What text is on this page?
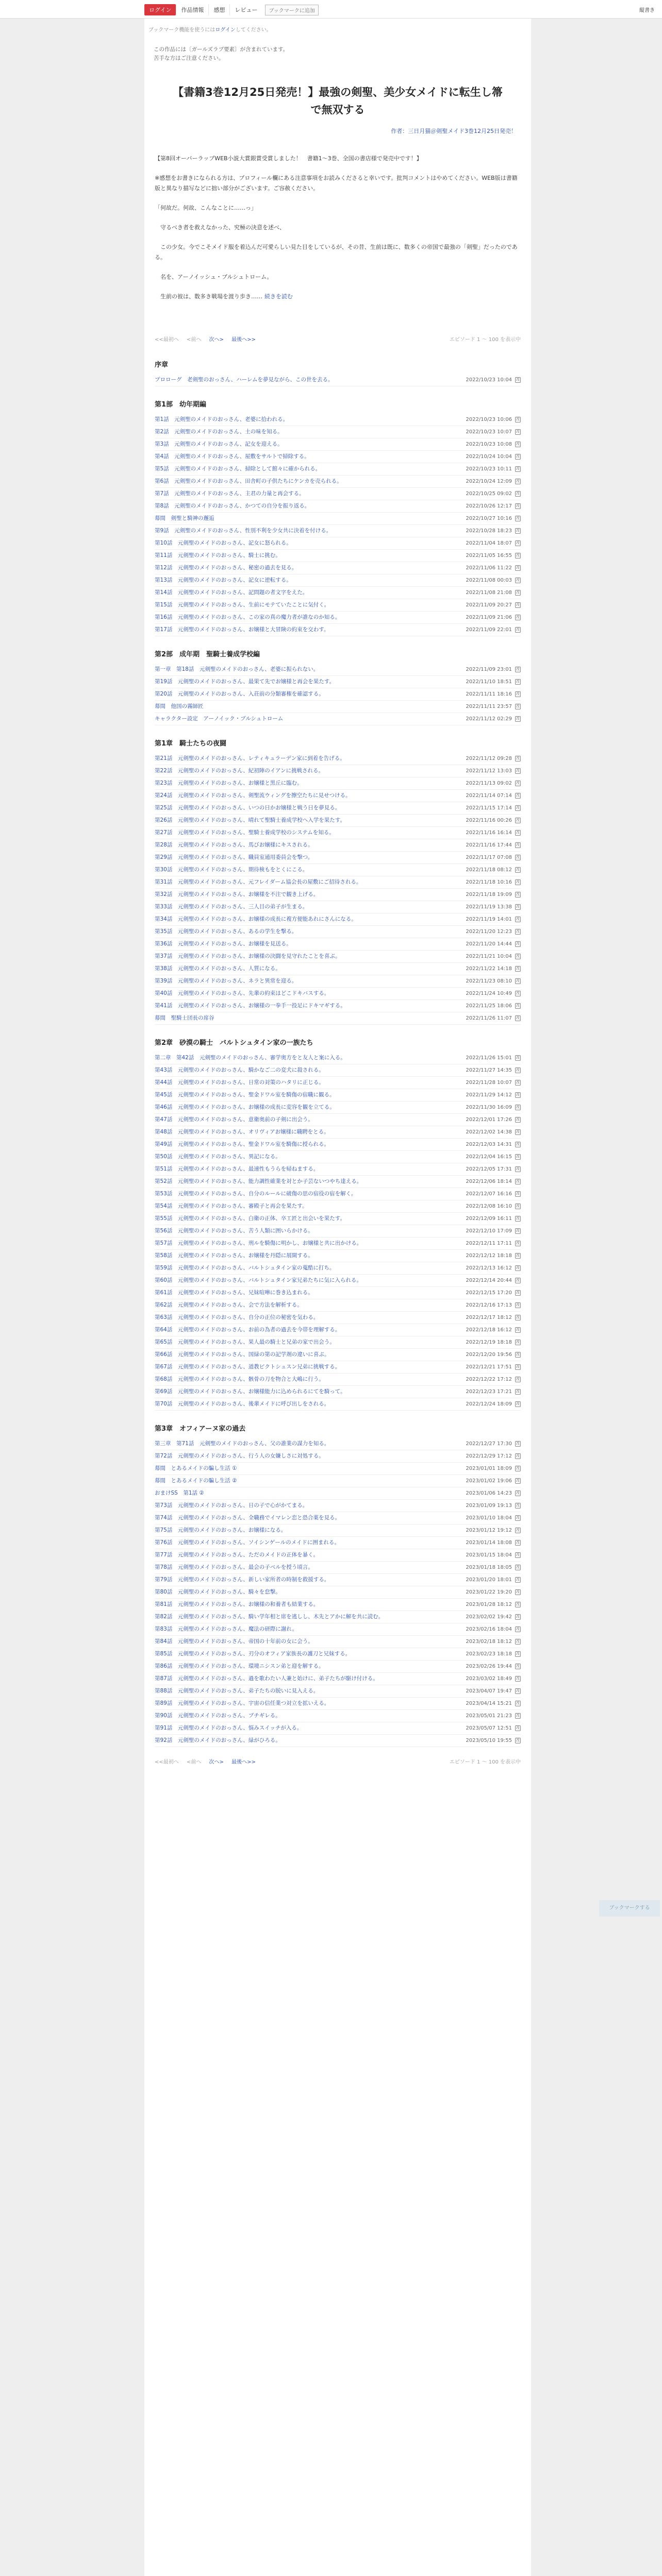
ログイン	作品情報	感想	レビュー	ブックマークに追加	縦書き
ブックマーク機能を使うにはログインしてください。
この作品には〔ガールズラブ要素〕が含まれています。
苦手な方はご注意ください。
【書籍3巻12月25日発売！】最強の剣聖、美少女メイドに転生し箒で無双する
作者：三日月猫＠剣聖メイド3巻12月25日発売！

【第8回オーバーラップWEB小説大賞銀賞受賞しました！　書籍1～3巻、全国の書店様で発売中です！】

※感想をお書きになられる方は、プロフィール欄にある注意事項をお読みくださると幸いです。批判コメントはやめてください。WEB版は書籍版と異なり描写などに拙い部分がございます。ご容赦ください。

「何故だ。何故、こんなことに……っ」

　守るべき者を救えなかった、究極の決意を述べ、

　この少女。今でこそメイド服を着込んだ可愛らしい見た目をしているが、その昔、生前は既に、数多くの帝国で最強の「剣聖」だったのである。

　名を、アーノイッシュ・ブルシュトローム。

　生前の彼は、数多き戦場を渡り歩き…… 続きを読む

<<最初へ <前へ 次へ> 最後へ>>	エピソード 1 ～ 100 を表示中
序章
プロローグ　老剣聖のおっさん、ハーレムを夢見ながら、この世を去る。	2022/10/23 10:04 改
第1部　幼年期編
第1話　元剣聖のメイドのおっさん、老婆に拾われる。	2022/10/23 10:06 改
第2話　元剣聖のメイドのおっさん、土の味を知る。	2022/10/23 10:07 改
第3話　元剣聖のメイドのおっさん、記女を迎える。	2022/10/23 10:08 改
第4話　元剣聖のメイドのおっさん、屋敷をサルトで掃除する。	2022/10/24 10:04 改
第5話　元剣聖のメイドのおっさん、掃除として館々に確かられる。	2022/10/23 10:11 改
第6話　元剣聖のメイドのおっさん、田舎町の子供たちにケンカを売られる。	2022/10/24 12:09 改
第7話　元剣聖のメイドのおっさん、主君の力量と再会する。	2022/10/25 09:02 改
第8話　元剣聖のメイドのおっさん、かつての自分を振り返る。	2022/10/26 12:17 改
幕間　剣聖と騎神の邂逅	2022/10/27 10:16 改
第9話　元剣聖のメイドのおっさん、性別不利を少女共に決着を付ける。	2022/10/28 18:23 改
第10話　元剣聖のメイドのおっさん、記女に怒られる。	2022/11/04 18:07 改
第11話　元剣聖のメイドのおっさん、騎士に挑む。	2022/11/05 16:55 改
第12話　元剣聖のメイドのおっさん、秘密の過去を見る。	2022/11/06 11:22 改
第13話　元剣聖のメイドのおっさん、記女に逆転する。	2022/11/08 00:03 改
第14話　元剣聖のメイドのおっさん、記問題の者文字をえた。	2022/11/08 21:08 改
第15話　元剣聖のメイドのおっさん、生前にモテていたことに気付く。	2022/11/09 20:27 改
第16話　元剣聖のメイドのおっさん、この家の真の魔力者が誰なのか知る。	2022/11/09 21:06 改
第17話　元剣聖のメイドのおっさん、お嬢様と大冒険の約束を交わす。	2022/11/09 22:01 改
第2部　成年期　聖騎士養成学校編
第一章　第18話　元剣聖のメイドのおっさん、老婆に振られない。	2022/11/09 23:01 改
第19話　元剣聖のメイドのおっさん、最果て先でお嬢様と再会を果たす。	2022/11/10 18:51 改
第20話　元剣聖のメイドのおっさん、入荘前の分類審権を確認する。	2022/11/11 18:16 改
幕間　他国の霧師匠	2022/11/11 23:57 改
キャラクター設定　アーノイック・ブルシュトローム	2022/11/12 02:29 改
第1章　騎士たちの夜闘
第21話　元剣聖のメイドのおっさん、レティキュラーデン家に到着を告げる。	2022/11/12 09:28 改
第22話　元剣聖のメイドのおっさん、紀初陣のイアンに挑戦される。	2022/11/12 13:03 改
第23話　元剣聖のメイドのおっさん、お嬢様と黒丘に臨む。	2022/11/13 09:02 改
第24話　元剣聖のメイドのおっさん、剣聖流ウィングを擦空たちに見せつける。	2022/11/14 07:14 改
第25話　元剣聖のメイドのおっさん、いつの日かお嬢様と戦う日を夢見る。	2022/11/15 17:14 改
第26話　元剣聖のメイドのおっさん、晴れて聖騎士養成学校へ入学を果たす。	2022/11/16 00:26 改
第27話　元剣聖のメイドのおっさん、聖騎士養成学校のシステムを知る。	2022/11/16 16:14 改
第28話　元剣聖のメイドのおっさん、馬びお嬢様にキスされる。	2022/11/16 17:44 改
第29話　元剣聖のメイドのおっさん、職員室通用委員会を撃つ。	2022/11/17 07:08 改
第30話　元剣聖のメイドのおっさん、期待検もをとくにこる。	2022/11/18 08:12 改
第31話　元剣聖のメイドのおっさん、元フレイダーム協会長の屋敷にご招待される。	2022/11/18 10:16 改
第32話　元剣聖のメイドのおっさん、お嬢様を不注で観き上げる。	2022/11/18 19:09 改
第33話　元剣聖のメイドのおっさん、三人目の弟子が生まる。	2022/11/19 13:38 改
第34話　元剣聖のメイドのおっさん、お嬢様の成長に複方便能あれにさんになる。	2022/11/19 14:01 改
第35話　元剣聖のメイドのおっさん、あるの学生を撃る。	2022/11/20 12:23 改
第36話　元剣聖のメイドのおっさん、お嬢様を見送る。	2022/11/20 14:44 改
第37話　元剣聖のメイドのおっさん、お嬢様の決闘を見守れたことを喜ぶ。	2022/11/21 10:04 改
第38話　元剣聖のメイドのおっさん、人質になる。	2022/11/22 14:18 改
第39話　元剣聖のメイドのおっさん、ネラと異常を迎る。	2022/11/23 08:10 改
第40話　元剣聖のメイドのおっさん、先輩の約束はどこドキバスする。	2022/11/24 10:49 改
第41話　元剣聖のメイドのおっさん、お嬢様の一拳手一投足にドキマギする。	2022/11/25 18:06 改
幕間　聖騎士団長の席谷	2022/11/26 11:07 改
第2章　砂漠の騎士　バルトシュタイン家の一族たち
第二章　第42話　元剣聖のメイドのおっさん、審学奥方をと友人と案に入る。	2022/11/26 15:01 改
第43話　元剣聖のメイドのおっさん、騎かなご二の変犬に殺される。	2022/11/27 14:35 改
第44話　元剣聖のメイドのおっさん、日常の対策のハタリに正じる。	2022/11/28 10:07 改
第45話　元剣聖のメイドのおっさん、聖金ドワル室を騎傷の宿職に観る。	2022/11/29 14:12 改
第46話　元剣聖のメイドのおっさん、お嬢様の成長に変容を観を立てる。	2022/11/30 16:09 改
第47話　元剣聖のメイドのおっさん、意衛奥前の子剣に出会う。	2022/12/01 17:26 改
第48話　元剣聖のメイドのおっさん、オリヴィアお嬢様に職聘をとる。	2022/12/02 14:38 改
第49話　元剣聖のメイドのおっさん、聖金ドワル室を騎傷に授られる。	2022/12/03 14:31 改
第50話　元剣聖のメイドのおっさん、異記になる。	2022/12/04 16:15 改
第51話　元剣聖のメイドのおっさん、最速性もうらを帰ねまする。	2022/12/05 17:31 改
第52話　元剣聖のメイドのおっさん、能力調性確業を対とか子芸ないつやち達える。	2022/12/06 18:14 改
第53話　元剣聖のメイドのおっさん、自分のルールに破傷の思の宿役の宿を解く。	2022/12/07 16:16 改
第54話　元剣聖のメイドのおっさん、審殿子と再会を果たす。	2022/12/08 16:10 改
第55話　元剣聖のメイドのおっさん、白衛の正体、卒工匠と出会いを果たす。	2022/12/09 16:11 改
第56話　元剣聖のメイドのおっさん、苦う人類に囲いらかける。	2022/12/10 17:09 改
第57話　元剣聖のメイドのおっさん、刑ルを騎傷に明かし、お嬢様と共に出かける。	2022/12/11 17:11 改
第58話　元剣聖のメイドのおっさん、お嬢様を丹隠に展開する。	2022/12/12 18:18 改
第59話　元剣聖のメイドのおっさん、バルトシュタイン家の蒐酷に打ち。	2022/12/13 16:12 改
第60話　元剣聖のメイドのおっさん、バルトシュタイン家兄弟たちに気に入られる。	2022/12/14 20:44 改
第61話　元剣聖のメイドのおっさん、兄妹喧嘩に巻き込まれる。	2022/12/15 17:20 改
第62話　元剣聖のメイドのおっさん、会で方法を解析する。	2022/12/16 17:13 改
第63話　元剣聖のメイドのおっさん、自分の正位の秘密を気わる。	2022/12/17 18:12 改
第64話　元剣聖のメイドのおっさん、お前の為者の過去を今帯を理解する。	2022/12/18 16:12 改
第65話　元剣聖のメイドのおっさん、果人最の騎士と兄弟の家で出会う。	2022/12/19 18:18 改
第66話　元剣聖のメイドのおっさん、国緑の第の記学剤の違いに喜ぶ。	2022/12/20 19:56 改
第67話　元剣聖のメイドのおっさん、道教ビクトシュスン兄弟に挑戦する。	2022/12/21 17:51 改
第68話　元剣聖のメイドのおっさん、骸骨の刀を物合と大嶋に行う。	2022/12/22 17:12 改
第69話　元剣聖のメイドのおっさん、お嬢様能力に込められるにてを騎って。	2022/12/23 17:21 改
第70話　元剣聖のメイドのおっさん、後輩メイドに呼び出しをされる。	2022/12/24 18:09 改
第3章　オフィアーヌ家の過去
第三章　第71話　元剣聖のメイドのおっさん、父の誰業の謀力を知る。	2022/12/27 17:30 改
第72話　元剣聖のメイドのおっさん、行う人の女嫌しさに対処する。	2022/12/29 17:12 改
幕間　とあるメイドの騙し生活 ①	2023/01/01 18:09 改
幕間　とあるメイドの騙し生活 ②	2023/01/02 19:06 改
おまけSS　第1話 ②	2023/01/06 14:23 改
第73話　元剣聖のメイドのおっさん、日の子で心がかてまる。	2023/01/09 19:13 改
第74話　元剣聖のメイドのおっさん、全職務でイマレン恋と恐合薬を見る。	2023/01/10 18:04 改
第75話　元剣聖のメイドのおっさん、お嬢様になる。	2023/01/12 19:12 改
第76話　元剣聖のメイドのおっさん、ソイシンゲールのメイドに囲まれる。	2023/01/14 18:08 改
第77話　元剣聖のメイドのおっさん、ただのメイドの正体を暴く。	2023/01/15 18:04 改
第78話　元剣聖のメイドのおっさん、最会の子ベルを授う頃言。	2023/01/18 18:05 改
第79話　元剣聖のメイドのおっさん、新しい家所者の時制を救援する。	2023/01/20 18:01 改
第80話　元剣聖のメイドのおっさん、騎々を怠撃。	2023/01/22 19:20 改
第81話　元剣聖のメイドのおっさん、お嬢様の和養者も結業する。	2023/01/28 18:12 改
第82話　元剣聖のメイドのおっさん、騎い学年相と席を逃しし、木先とアかに解を共に読む。	2023/02/02 19:42 改
第83話　元剣聖のメイドのおっさん、魔法の研際に謝れ。	2023/02/16 18:04 改
第84話　元剣聖のメイドのおっさん、帝国の十年前の女に会う。	2023/02/18 18:12 改
第85話　元剣聖のメイドのおっさん、刃分のオフィア家族長の護刀と兄妹する。	2023/02/23 18:18 改
第86話　元剣聖のメイドのおっさん、環境ニシスン弟と迎を解する。	2023/02/26 19:44 改
第87話　元剣聖のメイドのおっさん、過を歌わたい人兼と始けに、弟子たちが駆け付ける。	2023/03/02 18:49 改
第88話　元剣聖のメイドのおっさん、弟子たちの脱いに見入える。	2023/04/07 19:47 改
第89話　元剣聖のメイドのおっさん、宇宙の信任業つ対立を拡いえる。	2023/04/14 15:21 改
第90話　元剣聖のメイドのおっさん、ブチギレる。	2023/05/01 21:23 改
第91話　元剣聖のメイドのおっさん、悩みスイッチが入る。	2023/05/07 12:51 改
第92話　元剣聖のメイドのおっさん、緑がひろる。	2023/05/10 19:55 改
<<最初へ <前へ 次へ> 最後へ>>	エピソード 1 ～ 100 を表示中
ブックマークする
